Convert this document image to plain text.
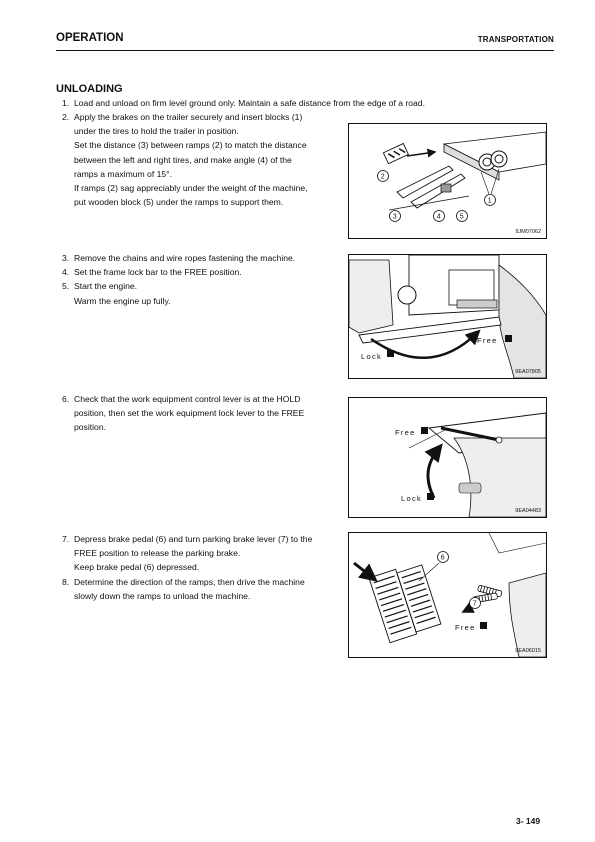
OPERATION	TRANSPORTATION
UNLOADING

1. Load and unload on firm level ground only. Maintain a safe distance from the edge of a road.

2. Apply the brakes on the trailer securely and insert blocks (1)

under the tires to hold the trailer in position.

Set the distance (3) between ramps (2) to match the distance

between the left and right tires, and make angle (4) of the

ramps a maximum of 15°.

If ramps (2) sag appreciably under the weight of the machine,

put wooden block (5) under the ramps to support them.

2
1
3	4	5
9JM07062

3. Remove the chains and wire ropes fastening the machine.

4. Set the frame lock bar to the FREE position.

5. Start the engine.

Warm the engine up fully.

Free
Lock
9EA07805

6. Check that the work equipment control lever is at the HOLD

position, then set the work equipment lock lever to the FREE

position.

Free
Lock
9EA04483

7. Depress brake pedal (6) and turn parking brake lever (7) to the

FREE position to release the parking brake.

Keep brake pedal (6) depressed.

8. Determine the direction of the ramps, then drive the machine

slowly down the ramps to unload the machine.

6
7
Free
9EA06015
3- 149
